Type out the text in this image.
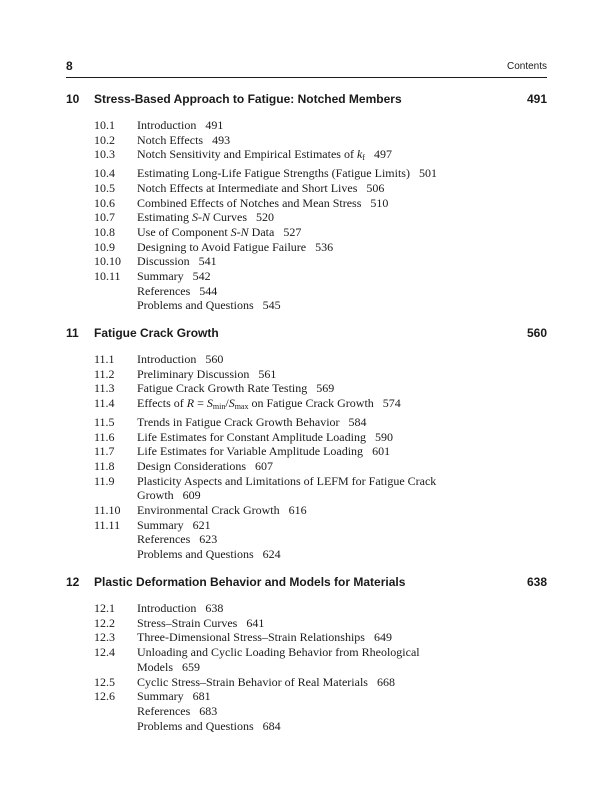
8	Contents
10 Stress-Based Approach to Fatigue: Notched Members	491
10.1 Introduction 491
10.2 Notch Effects 493
10.3 Notch Sensitivity and Empirical Estimates of $k_f$ 497
10.4 Estimating Long-Life Fatigue Strengths (Fatigue Limits) 501
10.5 Notch Effects at Intermediate and Short Lives 506
10.6 Combined Effects of Notches and Mean Stress 510
10.7 Estimating S-N Curves 520
10.8 Use of Component S-N Data 527
10.9 Designing to Avoid Fatigue Failure 536
10.10 Discussion 541
10.11 Summary 542
References 544
Problems and Questions 545
11 Fatigue Crack Growth	560
11.1 Introduction 560
11.2 Preliminary Discussion 561
11.3 Fatigue Crack Growth Rate Testing 569
11.4 Effects of $R = S_{min}/S_{max}$ on Fatigue Crack Growth 574
11.5 Trends in Fatigue Crack Growth Behavior 584
11.6 Life Estimates for Constant Amplitude Loading 590
11.7 Life Estimates for Variable Amplitude Loading 601
11.8 Design Considerations 607
11.9 Plasticity Aspects and Limitations of LEFM for Fatigue Crack
Growth 609
11.10 Environmental Crack Growth 616
11.11 Summary 621
References 623
Problems and Questions 624
12 Plastic Deformation Behavior and Models for Materials	638
12.1 Introduction 638
12.2 Stress–Strain Curves 641
12.3 Three-Dimensional Stress–Strain Relationships 649
12.4 Unloading and Cyclic Loading Behavior from Rheological
Models 659
12.5 Cyclic Stress–Strain Behavior of Real Materials 668
12.6 Summary 681
References 683
Problems and Questions 684
